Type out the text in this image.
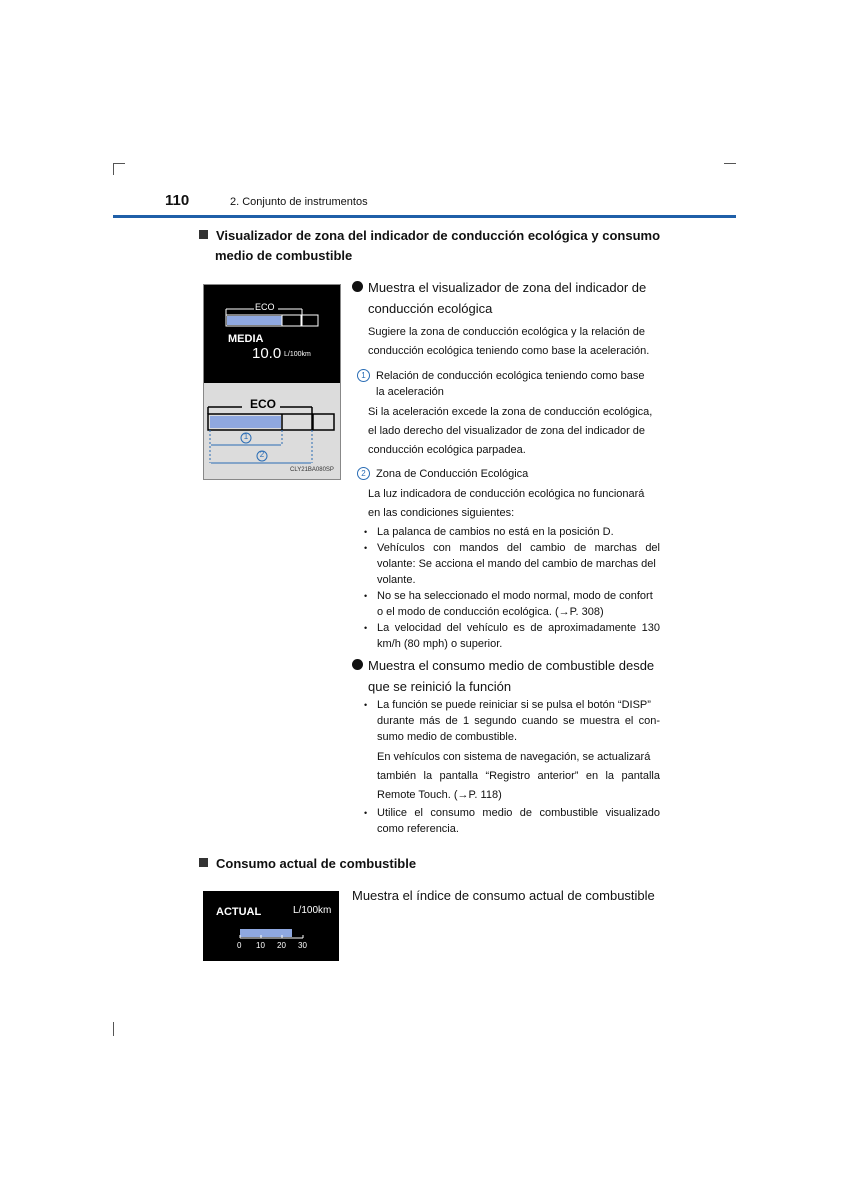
110	2. Conjunto de instrumentos
Visualizador de zona del indicador de conducción ecológica y consumo
medio de combustible
ECO
MEDIA
10.0 L/100km
ECO
1
2
CLY21BA080SP
Muestra el visualizador de zona del indicador de
conducción ecológica
Sugiere la zona de conducción ecológica y la relación de
conducción ecológica teniendo como base la aceleración.
1 Relación de conducción ecológica teniendo como base
la aceleración
Si la aceleración excede la zona de conducción ecológica,
el lado derecho del visualizador de zona del indicador de
conducción ecológica parpadea.
2 Zona de Conducción Ecológica
La luz indicadora de conducción ecológica no funcionará
en las condiciones siguientes:
• La palanca de cambios no está en la posición D.
• Vehículos con mandos del cambio de marchas del
volante: Se acciona el mando del cambio de marchas del
volante.
• No se ha seleccionado el modo normal, modo de confort
o el modo de conducción ecológica. (→P. 308)
• La velocidad del vehículo es de aproximadamente 130
km/h (80 mph) o superior.
Muestra el consumo medio de combustible desde
que se reinició la función
• La función se puede reiniciar si se pulsa el botón “DISP”
durante más de 1 segundo cuando se muestra el con-
sumo medio de combustible.
En vehículos con sistema de navegación, se actualizará
también la pantalla “Registro anterior” en la pantalla
Remote Touch. (→P. 118)
• Utilice el consumo medio de combustible visualizado
como referencia.
Consumo actual de combustible
ACTUAL	L/100km
0 10 20 30
Muestra el índice de consumo actual de combustible
